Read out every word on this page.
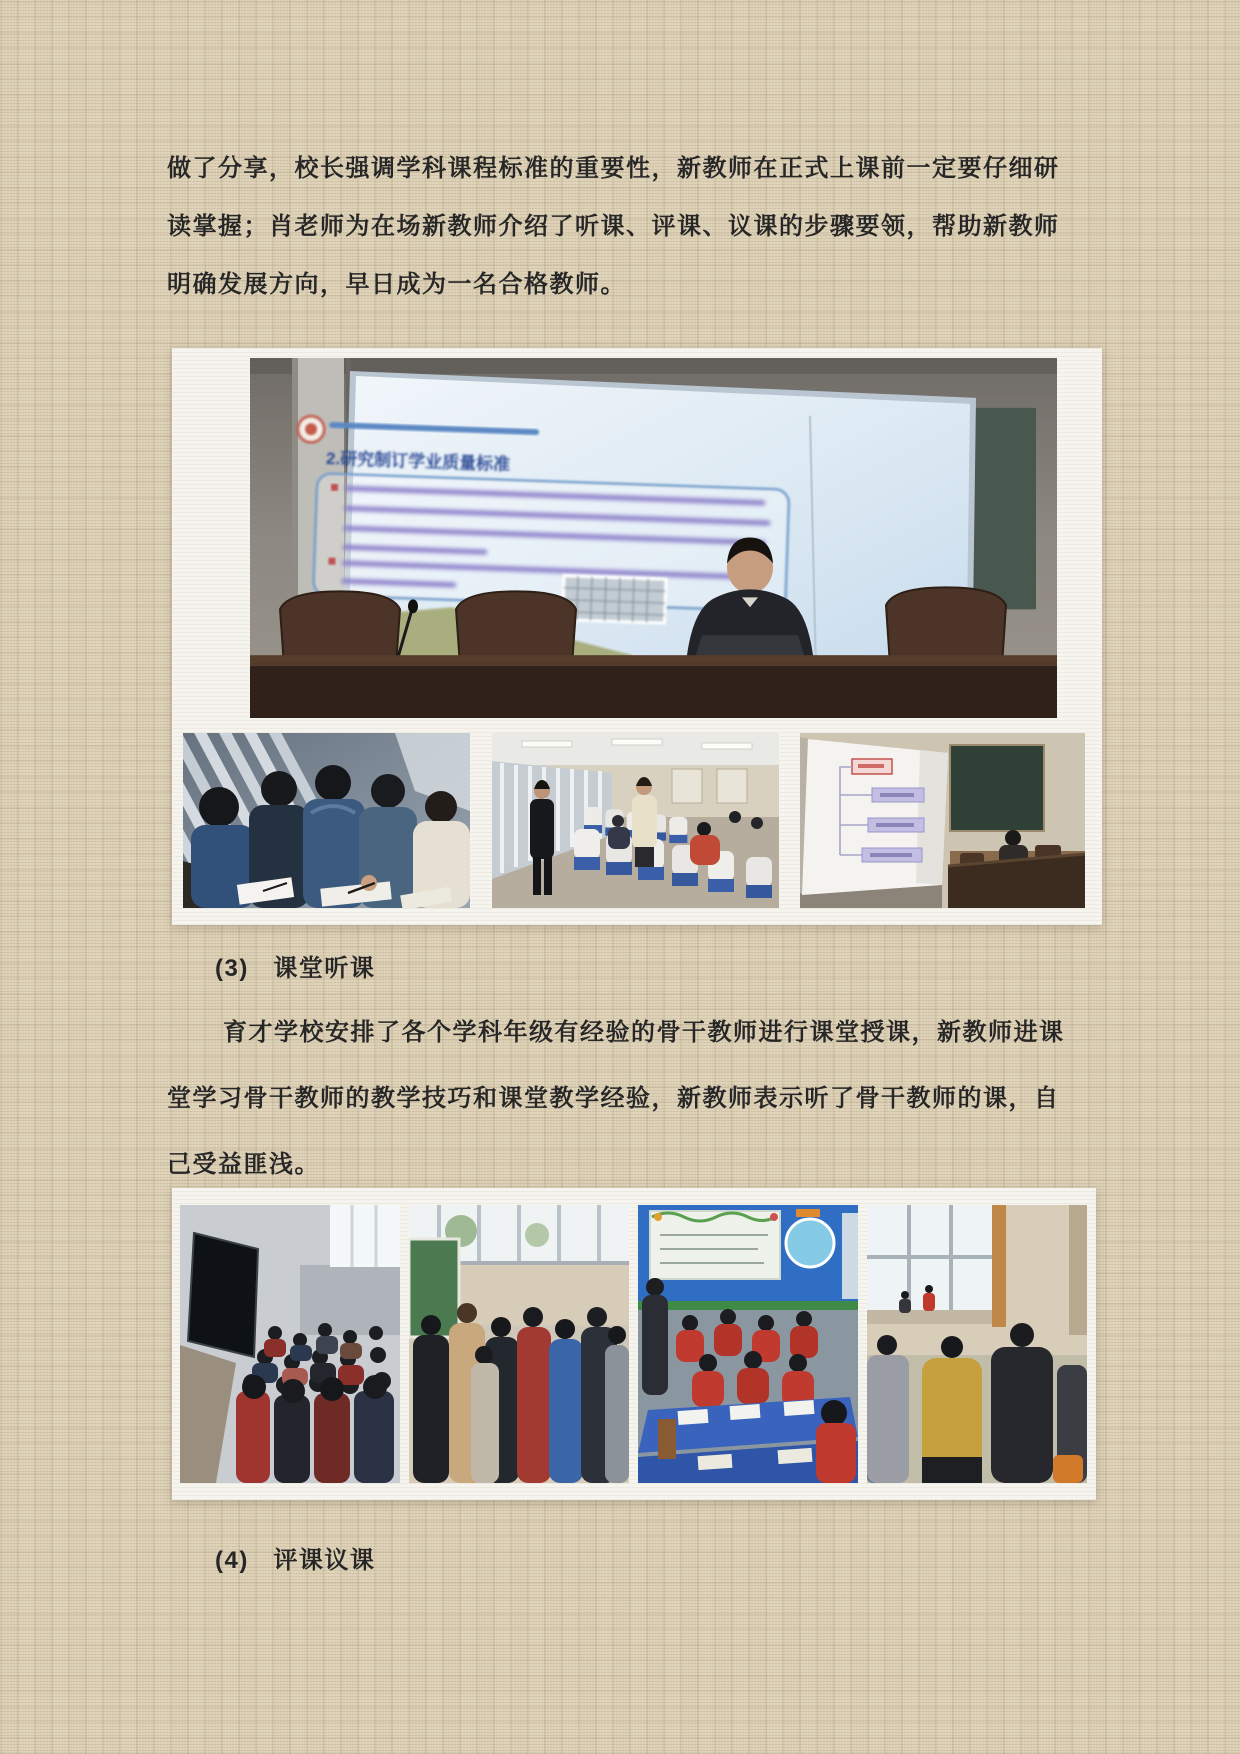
做了分享，校长强调学科课程标准的重要性，新教师在正式上课前一定要仔细研
读掌握；肖老师为在场新教师介绍了听课、评课、议课的步骤要领，帮助新教师
明确发展方向，早日成为一名合格教师。
2.研究制订学业质量标准
(3)   课堂听课
育才学校安排了各个学科年级有经验的骨干教师进行课堂授课，新教师进课
堂学习骨干教师的教学技巧和课堂教学经验，新教师表示听了骨干教师的课，自
己受益匪浅。
(4)   评课议课
